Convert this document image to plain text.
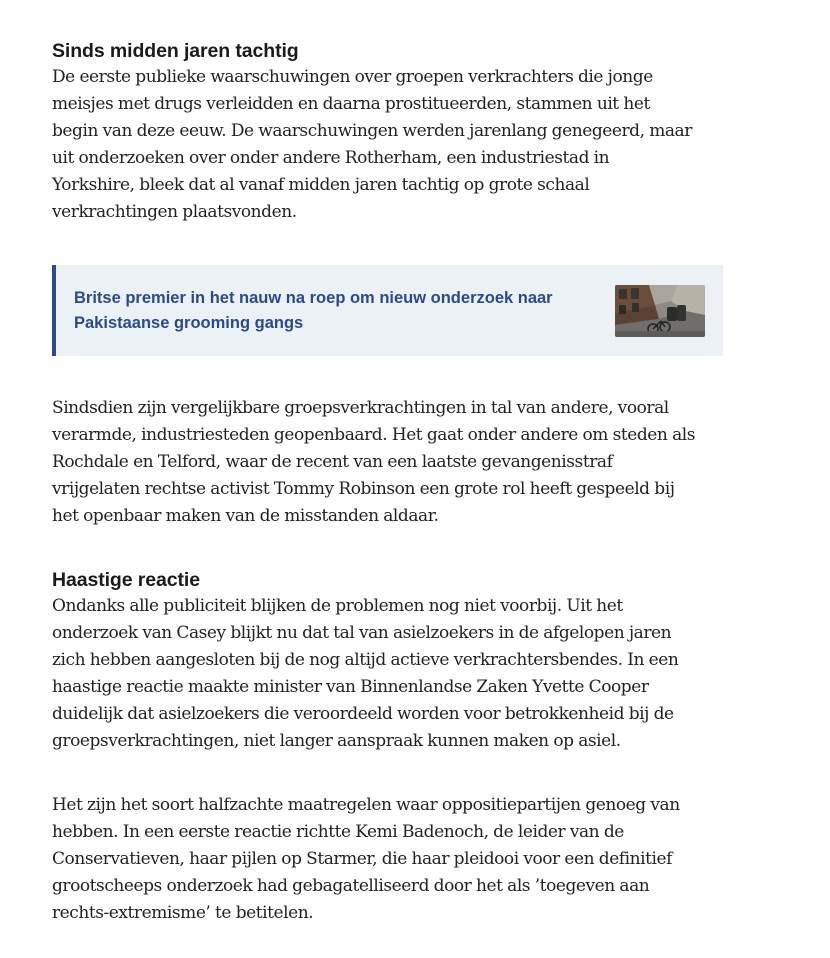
Sinds midden jaren tachtig

De eerste publieke waarschuwingen over groepen verkrachters die jonge
meisjes met drugs verleidden en daarna prostitueerden, stammen uit het
begin van deze eeuw. De waarschuwingen werden jarenlang genegeerd, maar
uit onderzoeken over onder andere Rotherham, een industriestad in
Yorkshire, bleek dat al vanaf midden jaren tachtig op grote schaal
verkrachtingen plaatsvonden.

Britse premier in het nauw na roep om nieuw onderzoek naar
Pakistaanse grooming gangs

Sindsdien zijn vergelijkbare groepsverkrachtingen in tal van andere, vooral
verarmde, industriesteden geopenbaard. Het gaat onder andere om steden als
Rochdale en Telford, waar de recent van een laatste gevangenisstraf
vrijgelaten rechtse activist Tommy Robinson een grote rol heeft gespeeld bij
het openbaar maken van de misstanden aldaar.

Haastige reactie

Ondanks alle publiciteit blijken de problemen nog niet voorbij. Uit het
onderzoek van Casey blijkt nu dat tal van asielzoekers in de afgelopen jaren
zich hebben aangesloten bij de nog altijd actieve verkrachtersbendes. In een
haastige reactie maakte minister van Binnenlandse Zaken Yvette Cooper
duidelijk dat asielzoekers die veroordeeld worden voor betrokkenheid bij de
groepsverkrachtingen, niet langer aanspraak kunnen maken op asiel.

Het zijn het soort halfzachte maatregelen waar oppositiepartijen genoeg van
hebben. In een eerste reactie richtte Kemi Badenoch, de leider van de
Conservatieven, haar pijlen op Starmer, die haar pleidooi voor een definitief
grootscheeps onderzoek had gebagatelliseerd door het als ’toegeven aan
rechts-extremisme’ te betitelen.
